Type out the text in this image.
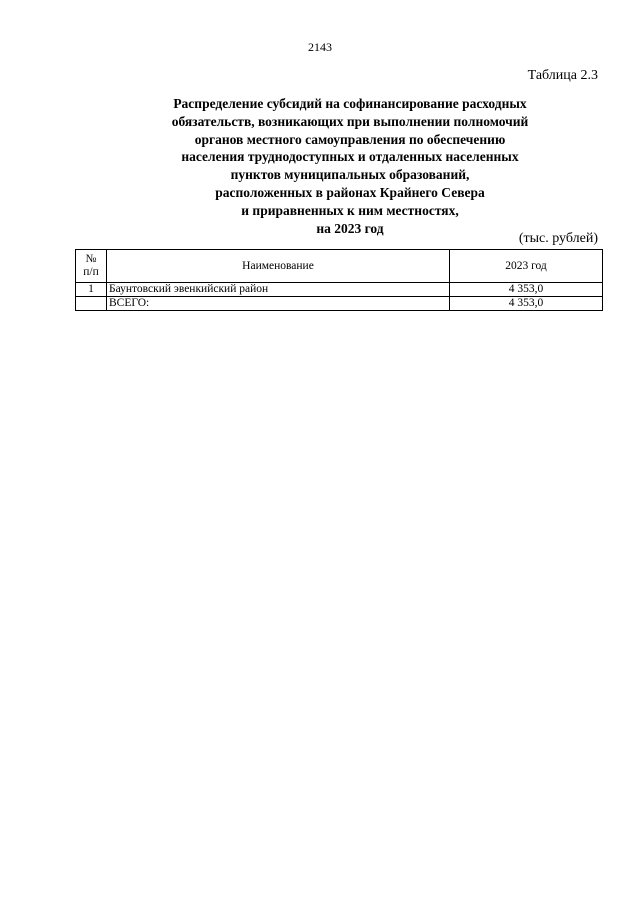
2143
Таблица 2.3
Распределение субсидий на софинансирование расходных
обязательств, возникающих при выполнении полномочий
органов местного самоуправления по обеспечению
населения труднодоступных и отдаленных населенных
пунктов муниципальных образований,
расположенных в районах Крайнего Севера
и приравненных к ним местностях,
на 2023 год
(тыс. рублей)
№
п/п	Наименование	2023 год
1	Баунтовский эвенкийский район	4 353,0
	ВСЕГО:	4 353,0
